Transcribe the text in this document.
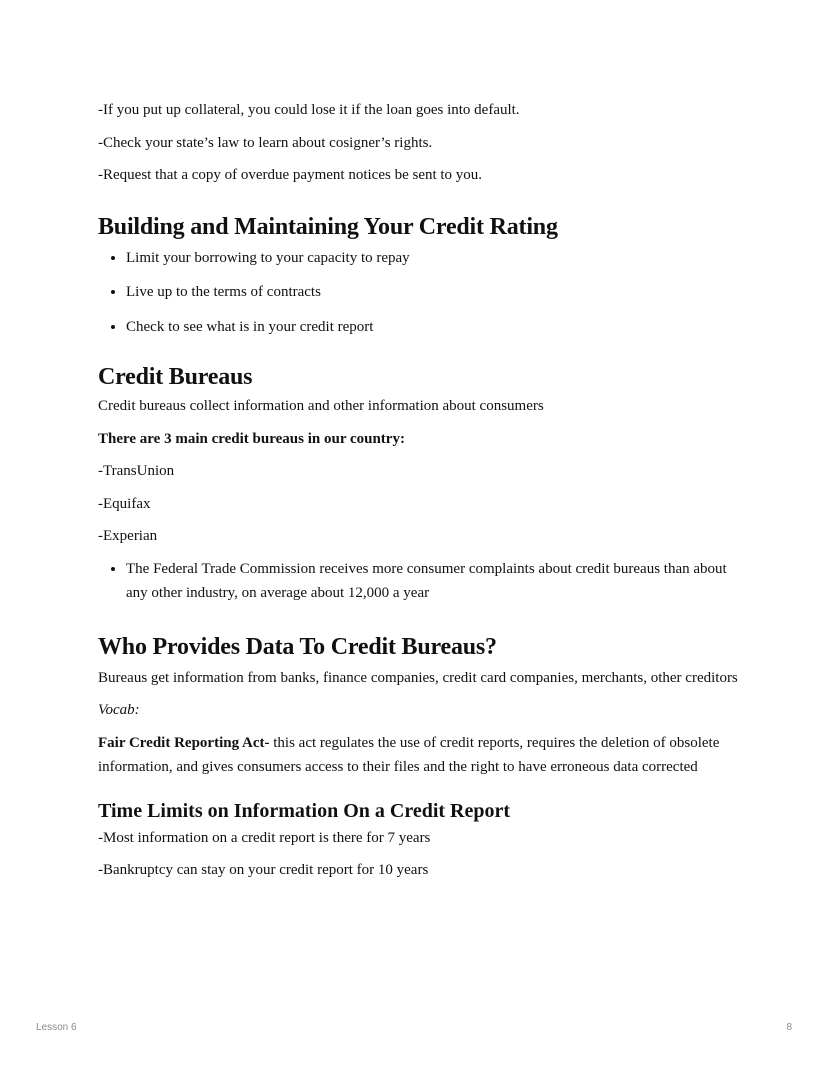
-If you put up collateral, you could lose it if the loan goes into default.

-Check your state’s law to learn about cosigner’s rights.

-Request that a copy of overdue payment notices be sent to you.

Building and Maintaining Your Credit Rating
• Limit your borrowing to your capacity to repay
• Live up to the terms of contracts
• Check to see what is in your credit report
Credit Bureaus

Credit bureaus collect information and other information about consumers

There are 3 main credit bureaus in our country:

-TransUnion

-Equifax

-Experian

• The Federal Trade Commission receives more consumer complaints about credit bureaus than about any other industry, on average about 12,000 a year
Who Provides Data To Credit Bureaus?

Bureaus get information from banks, finance companies, credit card companies, merchants, other creditors

Vocab:

Fair Credit Reporting Act- this act regulates the use of credit reports, requires the deletion of obsolete information, and gives consumers access to their files and the right to have erroneous data corrected

Time Limits on Information On a Credit Report

-Most information on a credit report is there for 7 years

-Bankruptcy can stay on your credit report for 10 years

Lesson 6	8
